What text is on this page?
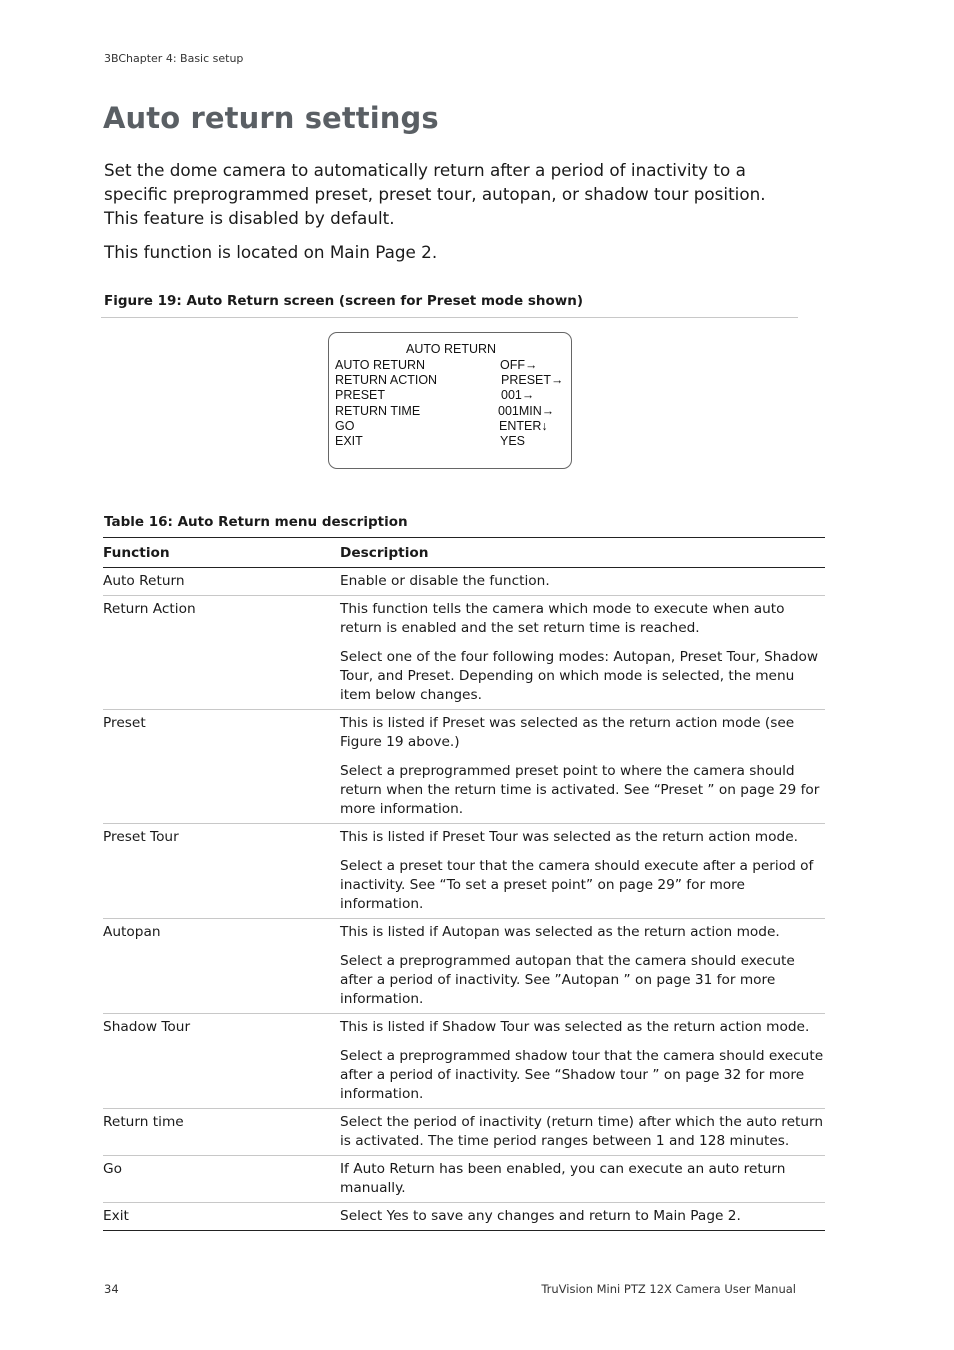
3BChapter 4: Basic setup
Auto return settings

Set the dome camera to automatically return after a period of inactivity to a specific preprogrammed preset, preset tour, autopan, or shadow tour position. This feature is disabled by default.

This function is located on Main Page 2.

Figure 19: Auto Return screen (screen for Preset mode shown)
AUTO RETURN
AUTO RETURN	OFF→
RETURN ACTION	PRESET→
PRESET	001→
RETURN TIME	001MIN→
GO	ENTER↓
EXIT	YES
Table 16: Auto Return menu description
Function	Description
Auto Return	Enable or disable the function.

Return Action	This function tells the camera which mode to execute when auto return is enabled and the set return time is reached.

Select one of the four following modes: Autopan, Preset Tour, Shadow Tour, and Preset. Depending on which mode is selected, the menu item below changes.

Preset	This is listed if Preset was selected as the return action mode (see Figure 19 above.)

Select a preprogrammed preset point to where the camera should return when the return time is activated. See “Preset ” on page 29 for more information.

Preset Tour	This is listed if Preset Tour was selected as the return action mode.

Select a preset tour that the camera should execute after a period of inactivity. See “To set a preset point” on page 29” for more information.

Autopan	This is listed if Autopan was selected as the return action mode.

Select a preprogrammed autopan that the camera should execute after a period of inactivity. See ”Autopan ” on page 31 for more information.

Shadow Tour	This is listed if Shadow Tour was selected as the return action mode.

Select a preprogrammed shadow tour that the camera should execute after a period of inactivity. See “Shadow tour ” on page 32 for more information.

Return time	Select the period of inactivity (return time) after which the auto return is activated. The time period ranges between 1 and 128 minutes.

Go	If Auto Return has been enabled, you can execute an auto return manually.

Exit	Select Yes to save any changes and return to Main Page 2.

34	TruVision Mini PTZ 12X Camera User Manual
